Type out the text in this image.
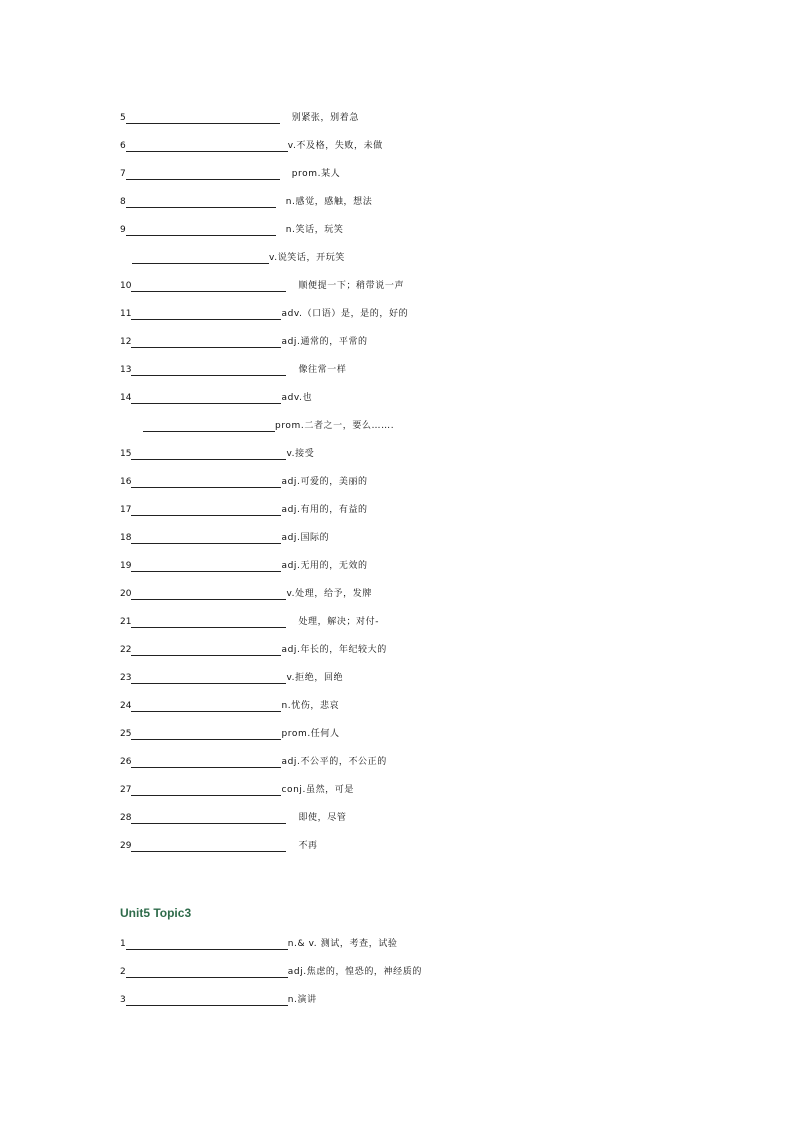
5	别紧张，别着急
6	v.不及格，失败，未做
7	prom.某人
8	n.感觉，感触，想法
9	n.笑话，玩笑
v.说笑话，开玩笑
10	顺便提一下；稍带说一声
11	adv.（口语）是，是的，好的
12	adj.通常的，平常的
13	像往常一样
14	adv.也
prom.二者之一，要么…….
15	v.接受
16	adj.可爱的，美丽的
17	adj.有用的，有益的
18	adj.国际的
19	adj.无用的，无效的
20	v.处理，给予，发牌
21	处理，解决；对付-
22	adj.年长的，年纪较大的
23	v.拒绝，回绝
24	n.忧伤，悲哀
25	prom.任何人
26	adj.不公平的，不公正的
27	conj.虽然，可是
28	即使，尽管
29	不再
Unit5 Topic3
1	n.& v. 测试，考查，试验
2	adj.焦虑的，惶恐的，神经质的
3	n.演讲
